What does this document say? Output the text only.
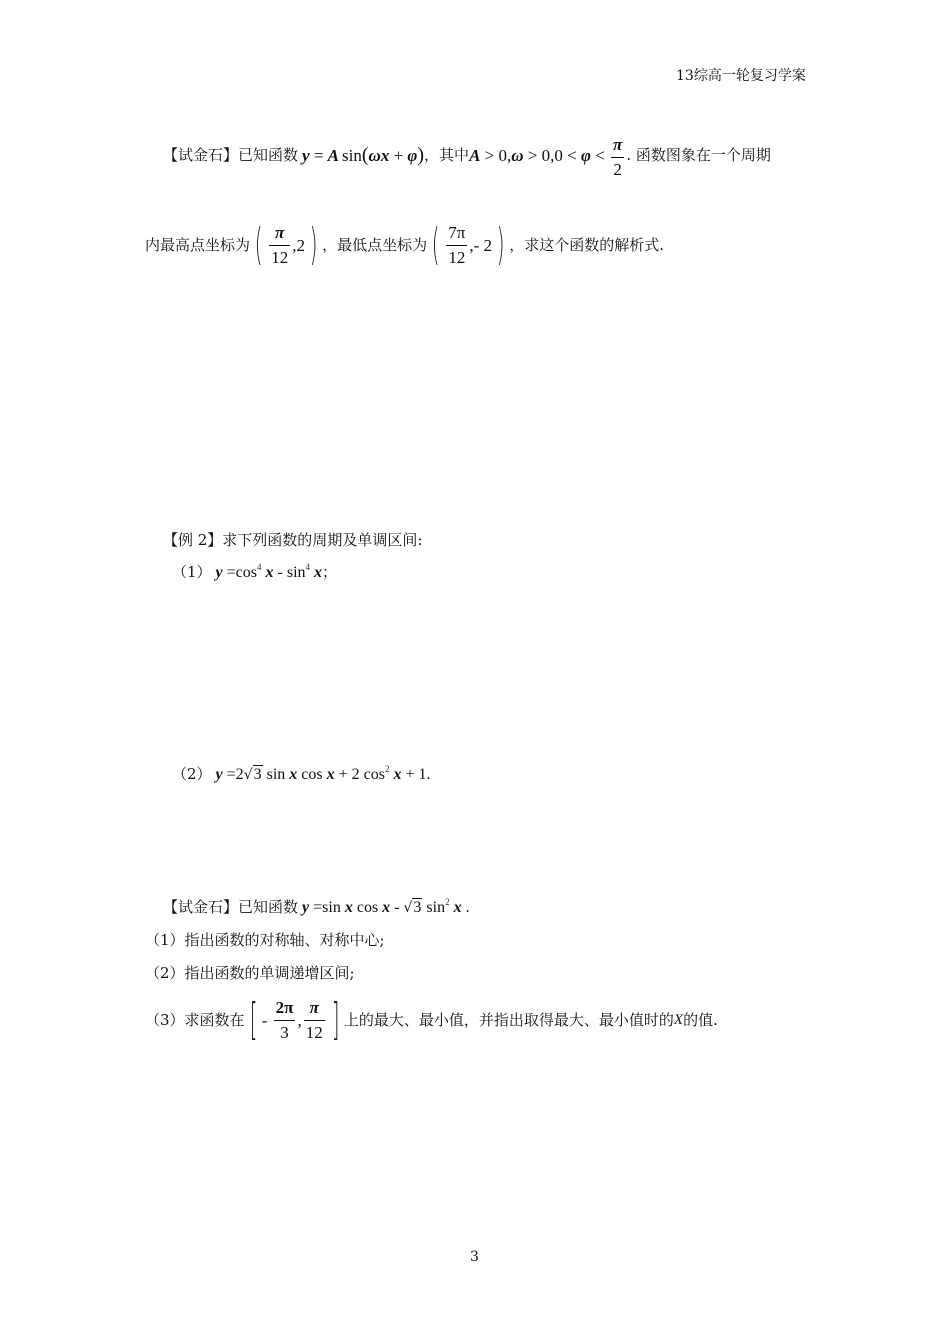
13综高一轮复习学案
【试金石】 已知函数 y = A sin(ωx + φ) ，其中 A > 0, $\omega > 0,0 < \varphi < \frac{\pi}{2}$ . 函数图象在一个周期
内最高点坐标为 ( $\frac{\pi}{12} ,2$ ) ，最低点坐标为 ( $\frac{7\pi}{12}$ ,- 2 ) ，求这个函数的解析式.
【例 2】求下列函数的周期及单调区间:
（1） $y =\cos^4$ x - $\sin^4 x$ ；
（2） y =2√3 sin x cos x + 2 $\cos^2 x + 1$.
【试金石】 已知函数 y =sin x cos x - √3 $\sin^2 x$ .
（1）指出函数的对称轴、对称中心;
（2）指出函数的单调递增区间;
（3）求函数在 [ - $\frac{2\pi}{3}$ , $\frac{\pi}{12}$ ] 上的最大、最小值，并指出取得最大、最小值时的 X 的值.
3
